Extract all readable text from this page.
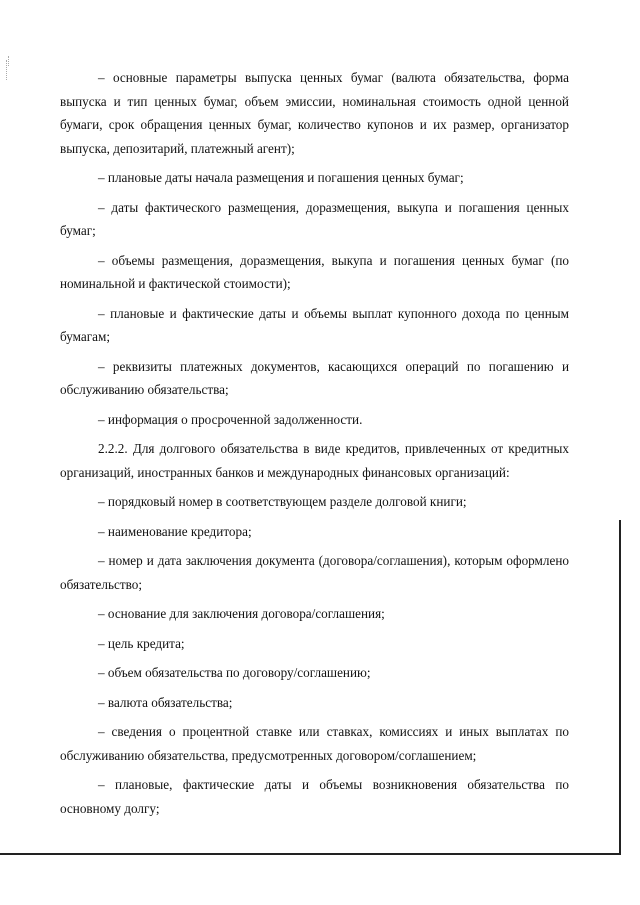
– основные параметры выпуска ценных бумаг (валюта обязательства, форма выпуска и тип ценных бумаг, объем эмиссии, номинальная стоимость одной ценной бумаги, срок обращения ценных бумаг, количество купонов и их размер, организатор выпуска, депозитарий, платежный агент);

– плановые даты начала размещения и погашения ценных бумаг;

– даты фактического размещения, доразмещения, выкупа и погашения ценных бумаг;

– объемы размещения, доразмещения, выкупа и погашения ценных бумаг (по номинальной и фактической стоимости);

– плановые и фактические даты и объемы выплат купонного дохода по ценным бумагам;

– реквизиты платежных документов, касающихся операций по погашению и обслуживанию обязательства;

– информация о просроченной задолженности.

2.2.2. Для долгового обязательства в виде кредитов, привлеченных от кредитных организаций, иностранных банков и международных финансовых организаций:

– порядковый номер в соответствующем разделе долговой книги;

– наименование кредитора;

– номер и дата заключения документа (договора/соглашения), которым оформлено обязательство;

– основание для заключения договора/соглашения;

– цель кредита;

– объем обязательства по договору/соглашению;

– валюта обязательства;

– сведения о процентной ставке или ставках, комиссиях и иных выплатах по обслуживанию обязательства, предусмотренных договором/соглашением;

– плановые, фактические даты и объемы возникновения обязательства по основному долгу;
